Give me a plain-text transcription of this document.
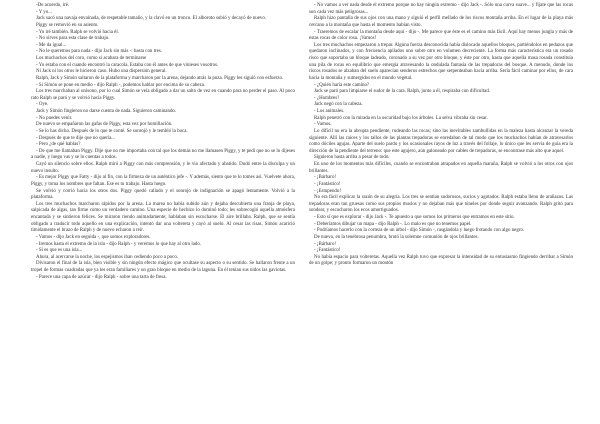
-De acuerdo, iré.

- Y yo...

Jack sacó una navaja envainada, de respetable tamaño, y la clavó en un tronco. El alboroto subió y decayó de nuevo.

Piggy se removió en su asiento.

- Yo iré también. Ralph se volvió hacia él.

- No sirves para esta clase de trabajo.

- Me da igual...

- No le queremos para nada - dijo Jack sin más -: basta con tres.

Los muchachos del coro, como si acabara de terminarse

- Yo estaba con el cuando encontró la caracola. Estaba con él antes de que vinieses vosotros.

Ni Jack ni los otros le hicieron caso. Hubo una dispersión general.

Ralph, Jack y Simón saltaron de la plataforma y marcharon por la arena, dejando atrás la poza. Piggy les siguió con esfuerzo.

- Si Simón se pone en medio - dijo Ralph -, podemos hablar por encima de su cabeza.

Los tres marchaban al unísono, por lo cual Simón se veía obligado a dar un salto de vez en cuando para no perder el paso. Al poco rato Ralph se paró y se volvió hacia Piggy.

- Oye.

Jack y Simón fingieron no darse cuenta de nada. Siguieron caminando.

- No puedes venir.

De nuevo se empañaron las gafas de Piggy, esta vez por humillación.

- Se lo has dicho. Después de lo que te conté. Se sonrojó y le tembló la boca.

- Después de que te dije que no quería...

- Pero ¿de qué hablas?

- De que me llamaban Piggy. Dije que no me importaba con tal que los demás no me llamasen Piggy, y te pedí que no se lo dijeses a nadie, y luego vas y se lo cuentas a todos.

Cayó un silencio sobre ellos. Ralph miró a Piggy con más comprensión, y le vio afectado y abatido. Dudó entre la disculpa y un nuevo insulto.

- Es mejor Piggy que Fatty - dijo al fin, con la firmeza de un auténtico jefe -. Y además, siento que te lo tomes así. Vuelvete ahora, Piggy, y toma los nombres que faltan. Ese es tu trabajo. Hasta luego.

Se volvió y corrió hacia los otros dos. Piggy quedó callado y el sonrojo de indignación se apagó lentamente. Volvió a la plataforma.

Los tres muchachos marcharon rápidos por la arena. La marea no había subido aún y dejaba descubierta una franja de playa, salpicada de algas, tan firme como un verdadero camino. Una especie de hechizo lo dominó todo; les sobrecogió aquella atmósfera encantada y se sintieron felices. Se miraron riendo animadamente; hablaban sin escucharse. El aire brillaba. Ralph, que se sentía obligado a traducir todo aquello en una explicación, intentó dar una voltereta y cayó al suelo. Al cesar las risas, Simón acarició tímidamente el brazo de Ralph y de nuevo echaron a reír.

- Vamos - dijo Jack en seguida -, que somos exploradores.

- Iremos hasta el extremo de la isla - dijo Ralph - y veremos lo que hay al otro lado.

- Si es que es una isla...

Ahora, al acercarse la noche, los espejismos iban cediendo poco a poco.

Divisaron el final de la isla, bien visible y sin ningún efecto mágico que ocultase su aspecto o su sentido. Se hallaron frente a un tropel de formas cuadradas que ya les eran familiares y un gran bloque en medio de la laguna. En él tenían sus nidos las gaviotas.

- Parece una capa de azúcar - dijo Ralph - sobre una tarta de fresa.

- No vamos a ver nada desde el extremo porque no hay ningún extremo - dijo Jack -. Sólo una curva suave... y fíjate que las rocas son cada vez más peligrosas...

Ralph hizo pantalla de sus ojos con una mano y siguió el perfil mellado de los riscos montaña arriba. En el lugar de la playa más cercano a la montaña que hasta el momento habían visto.

- Traeremos de escalar la montaña desde aquí - dijo -. Me parece que éste es el camino más fácil. Aquí hay menos jungla y más de estas rocas de color rosa. ¡Vamos!

Los tres muchachos empezaron a trepar. Alguna fuerza desconocida había dislocado aquellos bloques, partiéndolos en pedazos que quedaron inclinados, y con frecuencia apilados uno sobre otro en volumen decreciente. La forma más característica era un rosado risco que soportaba un bloque ladeado, coronado a su vez por otro bloque, y éste por otro, hasta que aquella masa rosada constituía una pila de rocas en equilibrio que emergía atravesando la ondulada fantasía de las trepadoras del bosque. A menudo, donde los riscos rosados se alzaban del suelo aparecían senderos estrechos que serpenteaban hacia arriba. Sería fácil caminar por ellos, de cara hacia la montaña y sumergidos en el mundo vegetal.

- ¿Quién haría este camino?

Jack se paró para limpiarse el sudor de la cara. Ralph, junto a él, respiraba con dificultad.

- ¿Hombres?

Jack negó con la cabeza.

- Los animales.

Ralph penetró con la mirada en la oscuridad bajo los árboles. La selva vibraba sin cesar.

- Vamos.

Lo difícil no era la abrupta pendiente, rodeando las rocas; sino las inevitables zambullidas en la maleza hasta alcanzar la vereda siguiente. Allí las raíces y los tallos de las plantas trepadoras se enredaban de tal modo que los muchachos habían de atravesarlos como dóciles agujas. Aparte del suelo pardo y los ocasionales rayos de luz a través del follaje, lo único que les servía de guía era la dirección de la pendiente del terreno: que este agujero, aún galoneado por cables de trepadoras, se encontrase más alto que aquel.

Siguieron hasta arriba a pesar de todo.

En uno de los momentos más difíciles, cuando se encontraban atrapados en aquella maraña, Ralph se volvió a los otros con ojos brillantes.

- ¡Bárbaro!

- ¡Fantástico!

- ¡Estupendo!

No era fácil explicar la razón de su alegría. Los tres se sentían sudorosos, sucios y agotados. Ralph estaba lleno de arañazos. Las trepadoras eran tan gruesas como sus propios muslos y no dejaban más que túneles por donde seguir avanzando. Ralph gritó para sondear, y escucharon los ecos amortiguados.

- Esto sí que es explorar - dijo Jack -. Te apuesto a que somos los primeros que entramos en este sitio.

- Deberíamos dibujar un mapa - dijo Ralph -. Lo malo es que no tenemos papel.

- Podríamos hacerlo con la corteza de un árbol - dijo Simón -, rasgándola y luego frotando con algo negro.

De nuevo, en la tenebrosa penumbra, brotó la solemne comunión de ojos brillantes.

- ¡Bárbaro!

- ¡Fantástico!

No había espacio para volteretas. Aquella vez Ralph tuvo que expresar la intensidad de su entusiasmo fingiendo derribar a Simón de un golpe; y pronto formaron un montón
